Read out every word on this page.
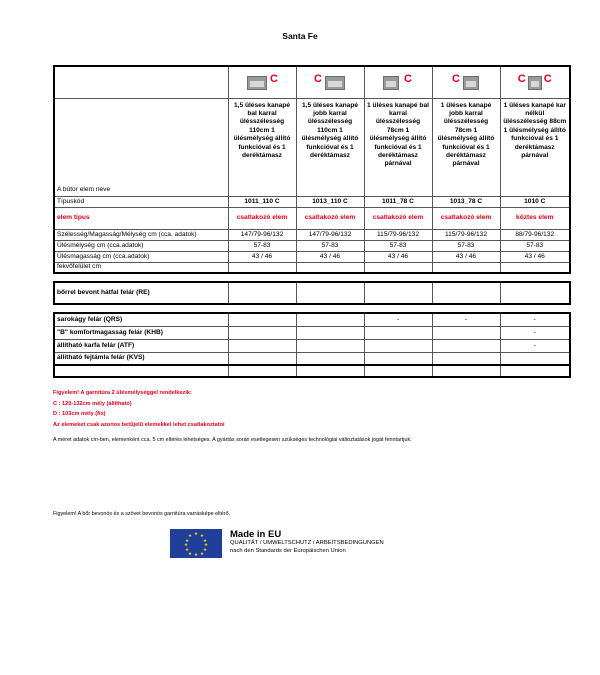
Santa Fe

	C	C	C	C	C C

A bútor elem neve	1,5 üléses kanapé bal karral ülésszélesség 110cm 1 ülésmélység állító funkcióval és 1 deréktámasz	1,5 üléses kanapé jobb karral ülésszélesség 110cm 1 ülésmélység állító funkcióval és 1 deréktámasz	1 üléses kanapé bal karral ülésszélesség 78cm 1 ülésmélység állító funkcióval és 1 deréktámasz párnával	1 üléses kanapé jobb karral ülésszélesség 78cm 1 ülésmélység állító funkcióval és 1 deréktámasz párnával	1 üléses kanapé kar nélkül ülésszélesség 88cm 1 ülésmélység állító funkcióval és 1 deréktámasz párnával
Típuskód	1011_110 C	1013_110 C	1011_78 C	1013_78 C	1010 C
elem típus	csatlakozó elem	csatlakozó elem	csatlakozó elem	csatlakozó elem	köztes elem
Szélesség/Magasság/Mélység cm (cca. adatok)	147/79-96/132	147/79-96/132	115/79-96/132	115/79-96/132	88/79-96/132
Ülésmélység cm (cca.adatok)	57-83	57-83	57-83	57-83	57-83
Ülésmagasság cm (cca.adatok)	43 / 46	43 / 46	43 / 46	43 / 46	43 / 46
fekvőfelület cm					

bőrrel bevont hátfal felár (RE)					

sarokágy felár (QRS)			-	-	-
"B" komfortmagasság felár (KHB)					-
állítható karfa felár (ATF)					-
állítható fejtámla felár (KVS)					

Figyelem! A garnitúra 2 ülésmélységgel rendelkezik:
C : 120-132cm mély (állítható)
D : 103cm mély (fix)
Az elemeket csak azonos betűjelű elemekkel lehet csatlakoztatni
A méret adatok cm-ben, elemenként cca. 5 cm eltérés lehetséges. A gyártás során esetlegesen szükséges technológiai változtatások jogát fenntartjuk.
Figyelem! A bőr bevonós és a szövet bevonós garnitúra varrásképe eltérő.
★ ★
★
★
★
★
★
★
★
★
★
★	Made in EU
QUALITÄT / UMWELTSCHUTZ / ARBEITSBEDINGUNGEN
nach den Standards der Europäischen Union
